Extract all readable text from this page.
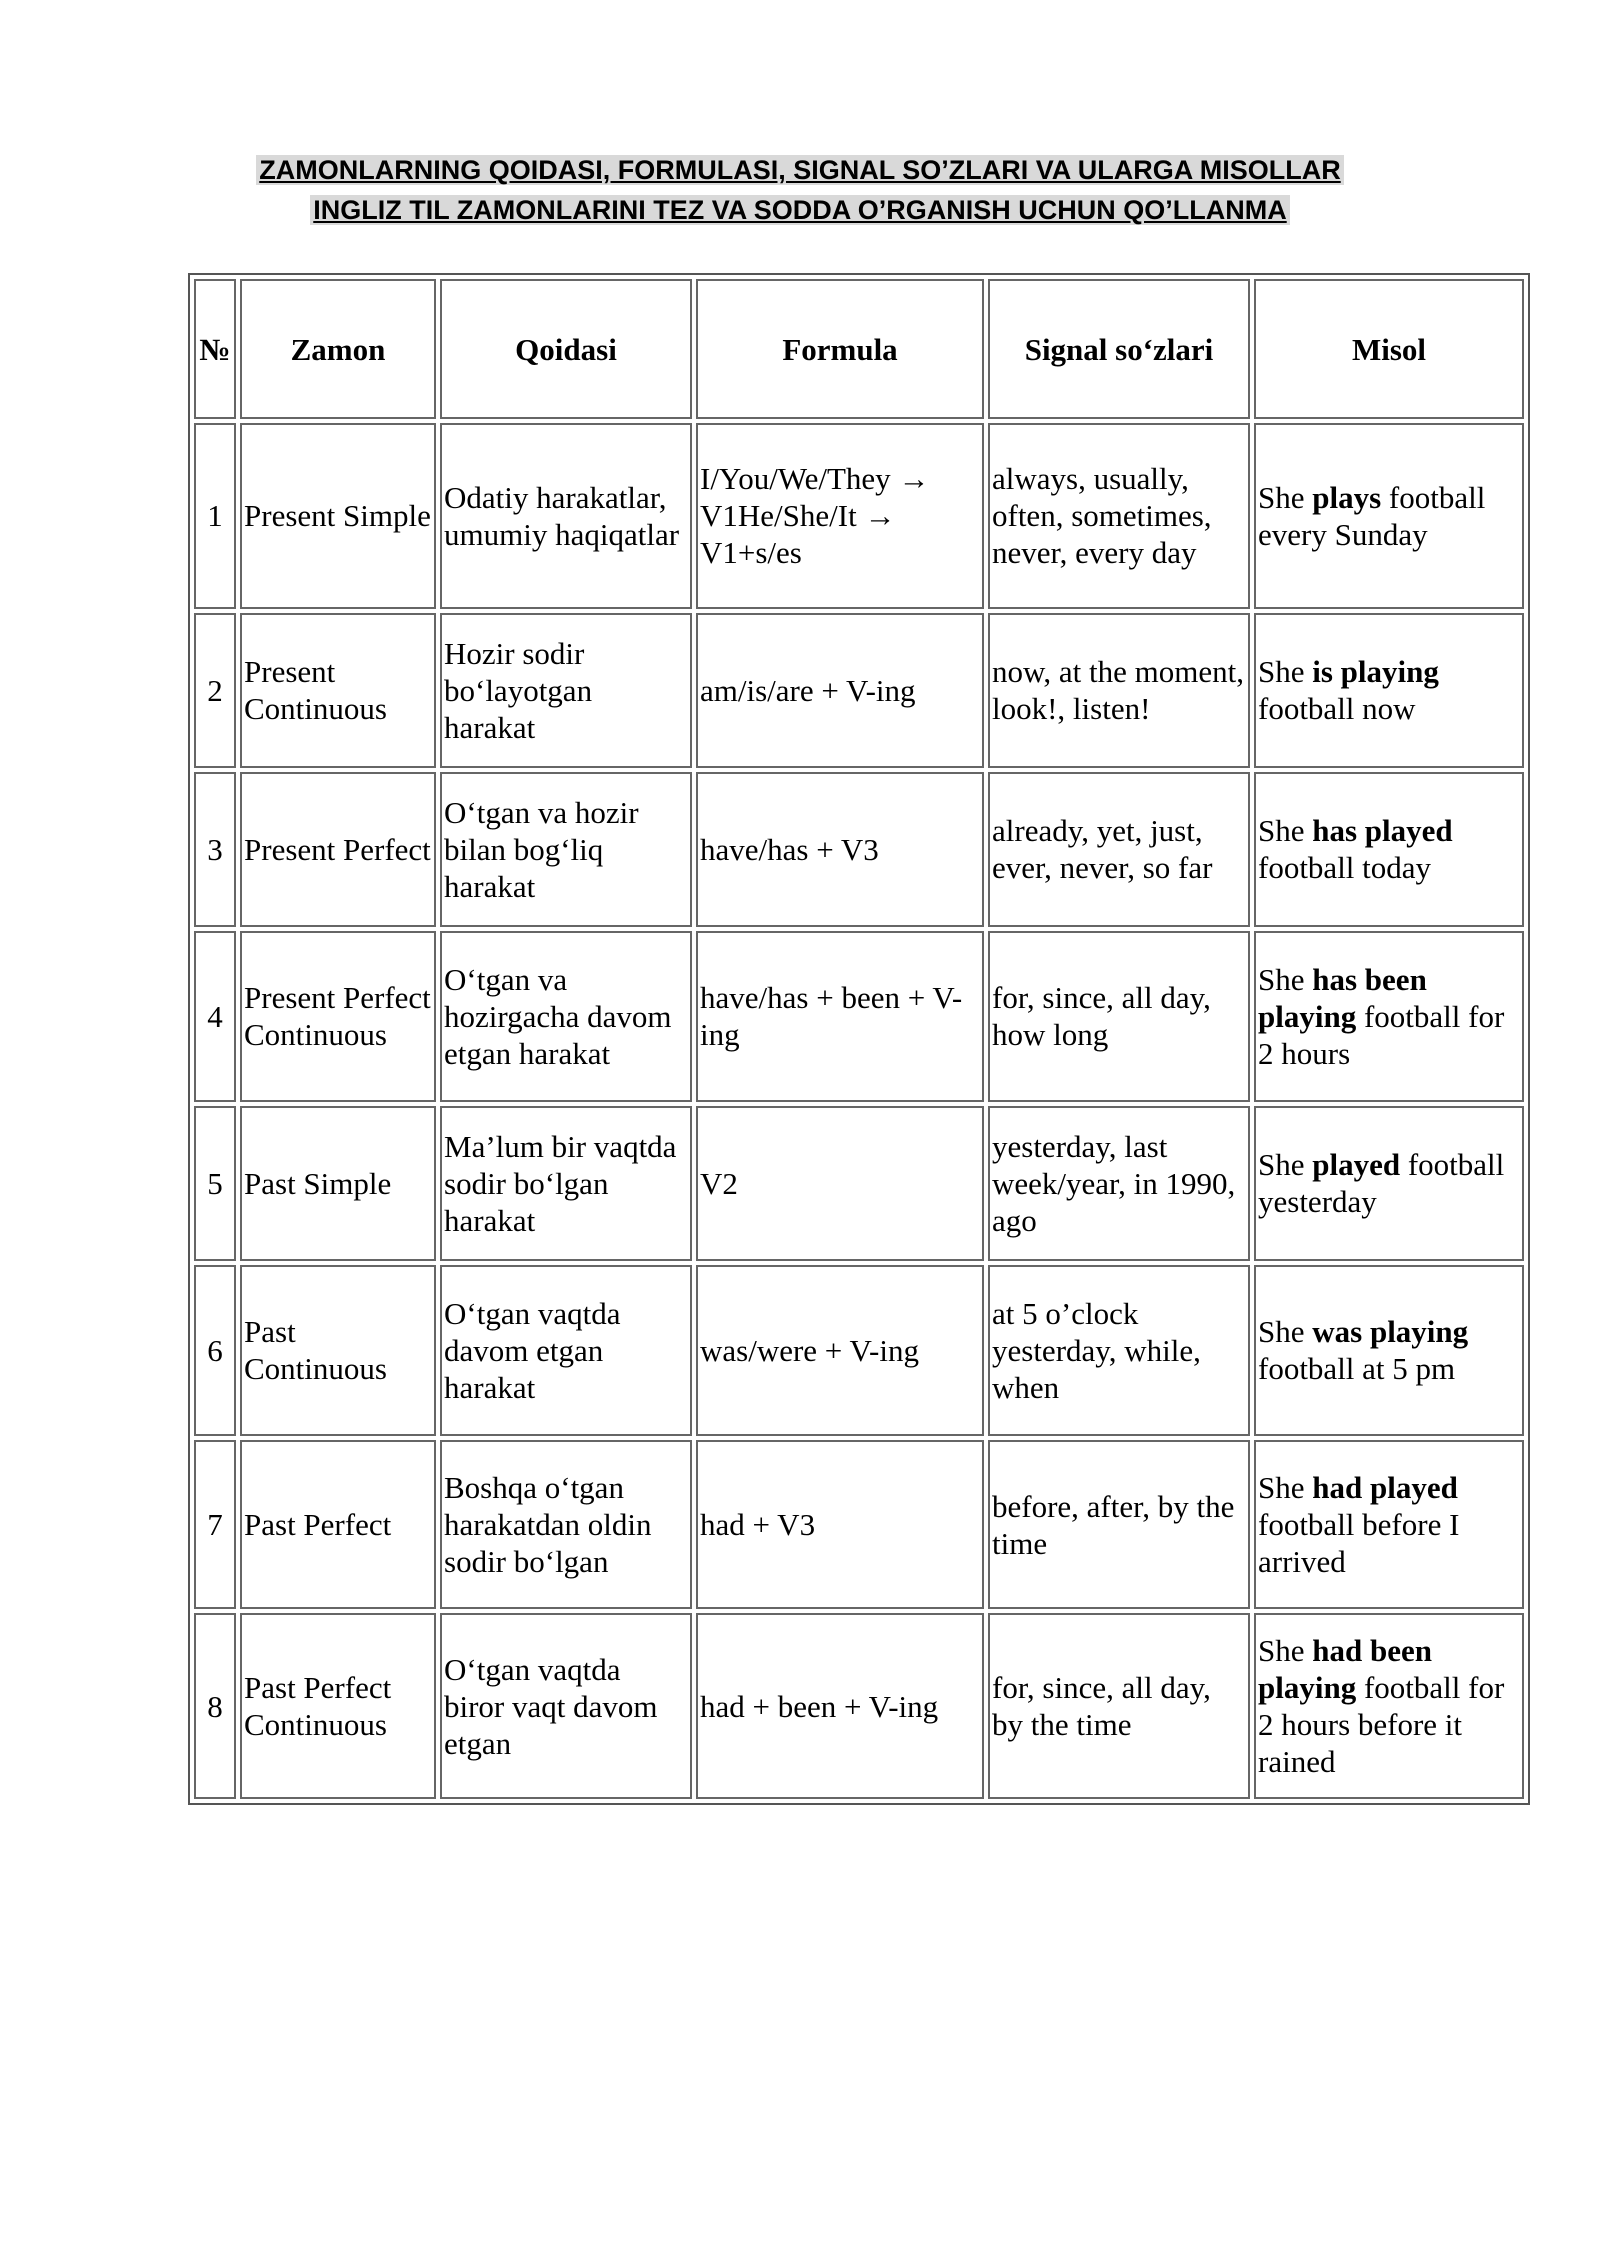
ZAMONLARNING QOIDASI, FORMULASI, SIGNAL SO’ZLARI VA ULARGA MISOLLAR
INGLIZ TIL ZAMONLARINI TEZ VA SODDA O’RGANISH UCHUN QO’LLANMA
№	Zamon	Qoidasi	Formula	Signal so‘zlari	Misol
1	Present Simple	Odatiy harakatlar, umumiy haqiqatlar	I/You/We/They → V1He/She/It → V1+s/es	always, usually, often, sometimes, never, every day	She plays football every Sunday
2	Present Continuous	Hozir sodir bo‘layotgan harakat	am/is/are + V-ing	now, at the moment, look!, listen!	She is playing football now
3	Present Perfect	O‘tgan va hozir bilan bog‘liq harakat	have/has + V3	already, yet, just, ever, never, so far	She has played football today
4	Present Perfect Continuous	O‘tgan va hozirgacha davom etgan harakat	have/has + been + V-ing	for, since, all day, how long	She has been playing football for 2 hours
5	Past Simple	Ma’lum bir vaqtda sodir bo‘lgan harakat	V2	yesterday, last week/year, in 1990, ago	She played football yesterday
6	Past Continuous	O‘tgan vaqtda davom etgan harakat	was/were + V-ing	at 5 o’clock yesterday, while, when	She was playing football at 5 pm
7	Past Perfect	Boshqa o‘tgan harakatdan oldin sodir bo‘lgan	had + V3	before, after, by the time	She had played football before I arrived
8	Past Perfect Continuous	O‘tgan vaqtda biror vaqt davom etgan	had + been + V-ing	for, since, all day, by the time	She had been playing football for 2 hours before it rained
